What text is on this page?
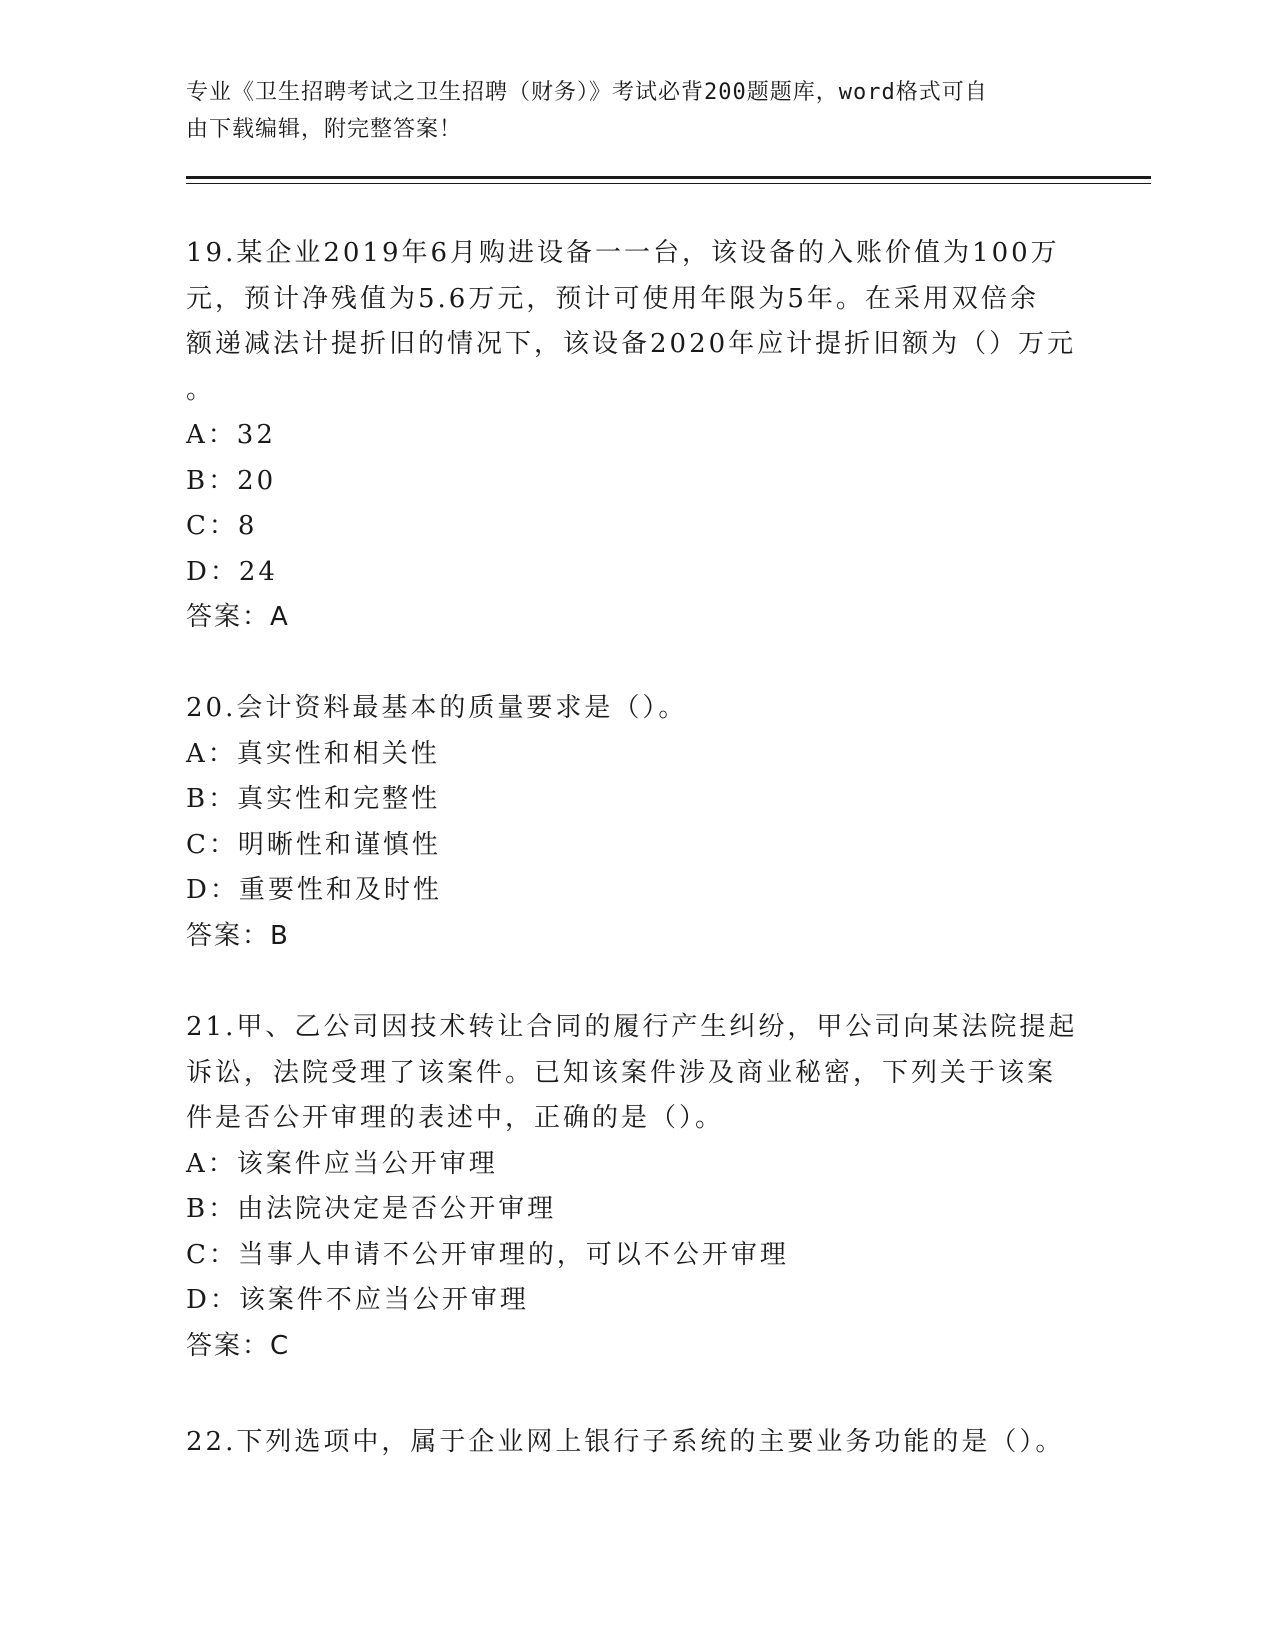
专业《卫生招聘考试之卫生招聘（财务）》考试必背200题题库，word格式可自
由下载编辑，附完整答案！
19.某企业2019年6月购进设备一一台，该设备的入账价值为100万
元，预计净残值为5.6万元，预计可使用年限为5年。在采用双倍余
额递减法计提折旧的情况下，该设备2020年应计提折旧额为（）万元
。
A：32
B：20
C：8
D：24
答案：A
20.会计资料最基本的质量要求是（）。
A：真实性和相关性
B：真实性和完整性
C：明晰性和谨慎性
D：重要性和及时性
答案：B
21.甲、乙公司因技术转让合同的履行产生纠纷，甲公司向某法院提起
诉讼，法院受理了该案件。已知该案件涉及商业秘密，下列关于该案
件是否公开审理的表述中，正确的是（）。
A：该案件应当公开审理
B：由法院决定是否公开审理
C：当事人申请不公开审理的，可以不公开审理
D：该案件不应当公开审理
答案：C
22.下列选项中，属于企业网上银行子系统的主要业务功能的是（）。
